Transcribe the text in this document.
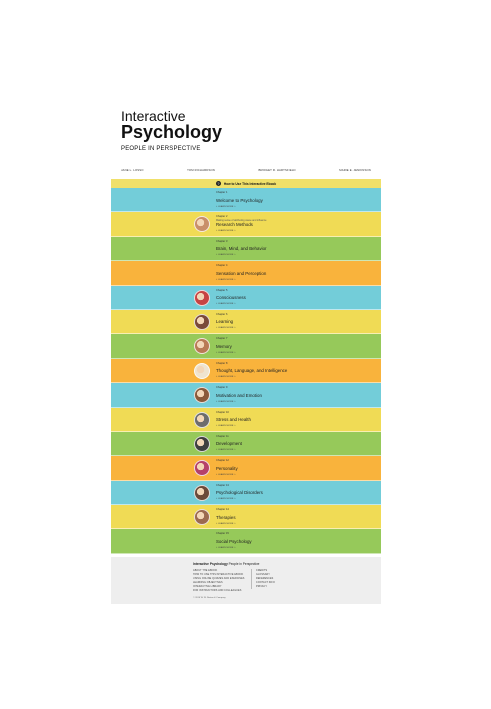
Interactive
Psychology
PEOPLE IN PERSPECTIVE
JANE L. LOSSO	TOM RICHARDSON	BRIDGET R. HARTSFIELD	MARIE E. JENKINSON
?	How to Use This Interactive Ebook
Chapter 1
Welcome to Psychology
» LEARN MORE »
Chapter 2
Making sense of attributing cause and influence
Research Methods
» LEARN MORE »
Chapter 3
Brain, Mind, and Behavior
» LEARN MORE »
Chapter 4
Sensation and Perception
» LEARN MORE »
Chapter 5
Consciousness
» LEARN MORE »
Chapter 6
Learning
» LEARN MORE »
Chapter 7
Memory
» LEARN MORE »
Chapter 8
Thought, Language, and Intelligence
» LEARN MORE »
Chapter 9
Motivation and Emotion
» LEARN MORE »
Chapter 10
Stress and Health
» LEARN MORE »
Chapter 11
Development
» LEARN MORE »
Chapter 12
Personality
» LEARN MORE »
Chapter 13
Psychological Disorders
» LEARN MORE »
Chapter 14
Therapies
» LEARN MORE »
Chapter 15
Social Psychology
» LEARN MORE »
Interactive Psychology People in Perspective
ABOUT THE EBOOK
HOW TO USE THIS INTERACTIVE EBOOK
USING ONLINE QUIZZES AND EXERCISES
LEARNING OBJECTIVES
INTERACTIVE LIBRARY
FOR INSTRUCTORS AND COLLEAGUES
CREDITS
GLOSSARY
REFERENCES
CONTACT INFO
PRIVACY
© 2016 W. W. Norton & Company
